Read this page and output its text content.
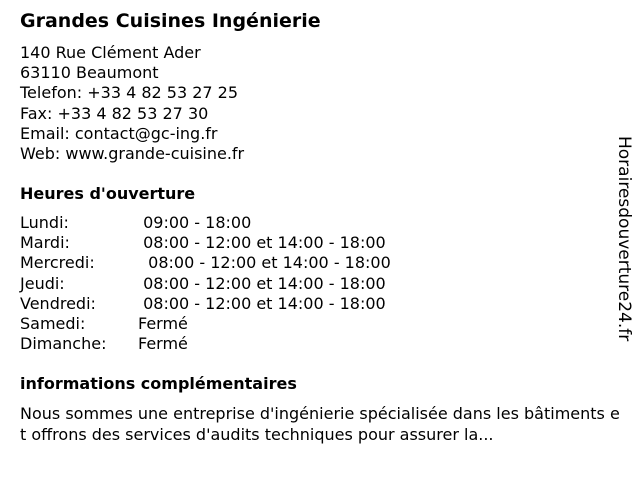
Grandes Cuisines Ingénierie
140 Rue Clément Ader
63110 Beaumont
Telefon: +33 4 82 53 27 25
Fax: +33 4 82 53 27 30
Email: contact@gc-ing.fr
Web: www.grande-cuisine.fr
Heures d'ouverture
Lundi:	09:00 - 18:00
Mardi:	08:00 - 12:00 et 14:00 - 18:00
Mercredi:	08:00 - 12:00 et 14:00 - 18:00
Jeudi:	08:00 - 12:00 et 14:00 - 18:00
Vendredi:	08:00 - 12:00 et 14:00 - 18:00
Samedi:	Fermé
Dimanche:	Fermé
informations complémentaires
Nous sommes une entreprise d'ingénierie spécialisée dans les bâtiments et offrons des services d'audits techniques pour assurer la...
Horairesdouverture24.fr
